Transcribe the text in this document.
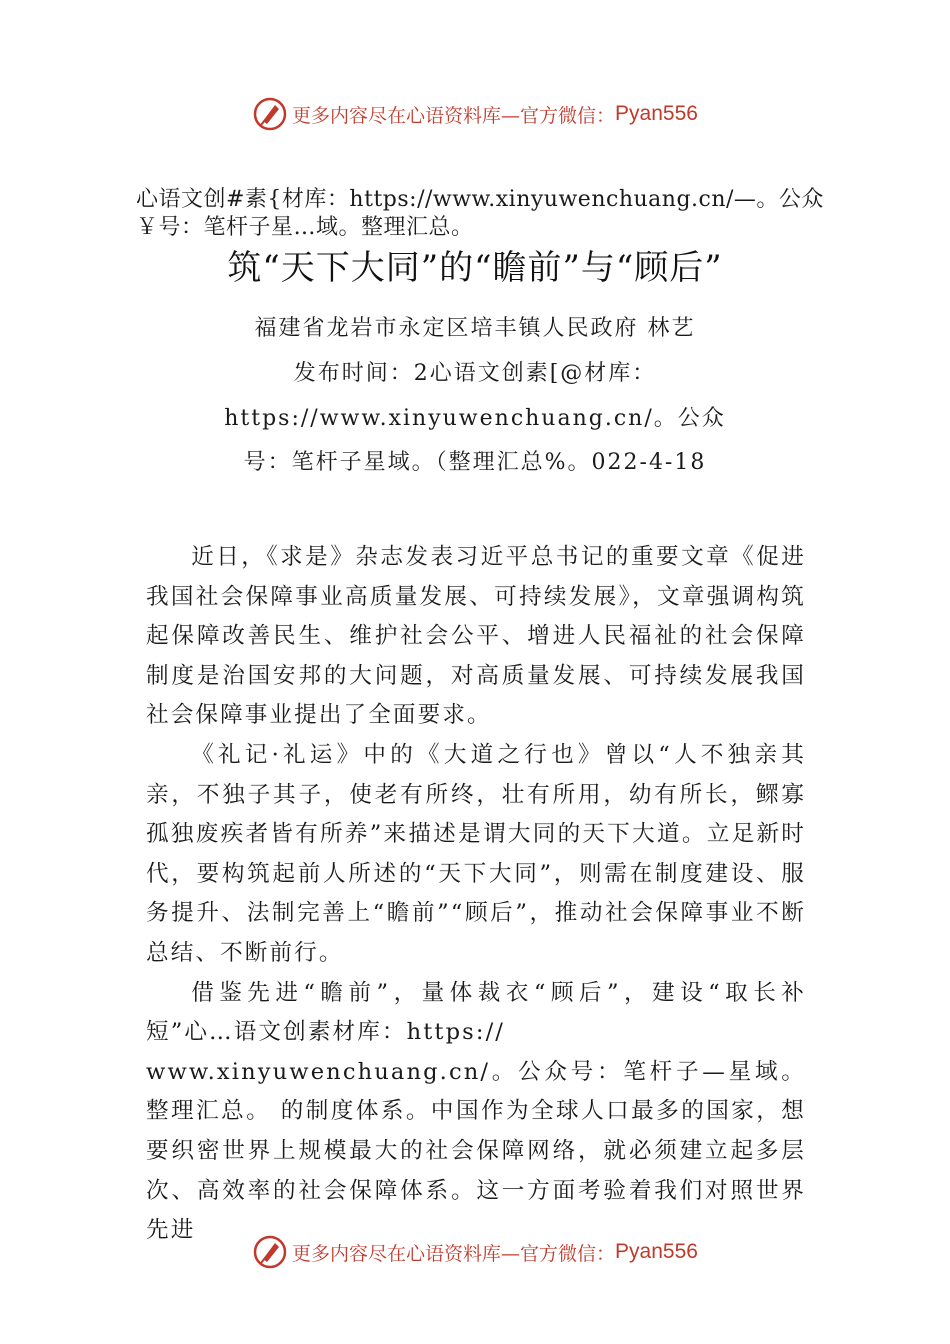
更多内容尽在心语资料库—官方微信： Pyan556
心语文创#素{材库：https://www.xinyuwenchuang.cn/—。公众￥号：笔杆子星…域。整理汇总。
筑“天下大同”的“瞻前”与“顾后”
福建省龙岩市永定区培丰镇人民政府 林艺
发布时间：2心语文创素[@材库：
https://www.xinyuwenchuang.cn/。公众
号：笔杆子星域。（整理汇总%。022-4-18

近日，《求是》杂志发表习近平总书记的重要文章《促进我国社会保障事业高质量发展、可持续发展》，文章强调构筑起保障改善民生、维护社会公平、增进人民福祉的社会保障制度是治国安邦的大问题，对高质量发展、可持续发展我国社会保障事业提出了全面要求。

《礼记·礼运》中的《大道之行也》曾以“人不独亲其亲，不独子其子，使老有所终，壮有所用，幼有所长，鳏寡孤独废疾者皆有所养”来描述是谓大同的天下大道。立足新时代，要构筑起前人所述的“天下大同”，则需在制度建设、服务提升、法制完善上“瞻前”“顾后”，推动社会保障事业不断总结、不断前行。

借鉴先进“瞻前”，量体裁衣“顾后”，建设“取长补短”心…语文创素材库：https://

www.xinyuwenchuang.cn/。公众号：笔杆子—星域。整理汇总。 的制度体系。中国作为全球人口最多的国家，想要织密世界上规模最大的社会保障网络，就必须建立起多层次、高效率的社会保障体系。这一方面考验着我们对照世界先进

更多内容尽在心语资料库—官方微信： Pyan556
